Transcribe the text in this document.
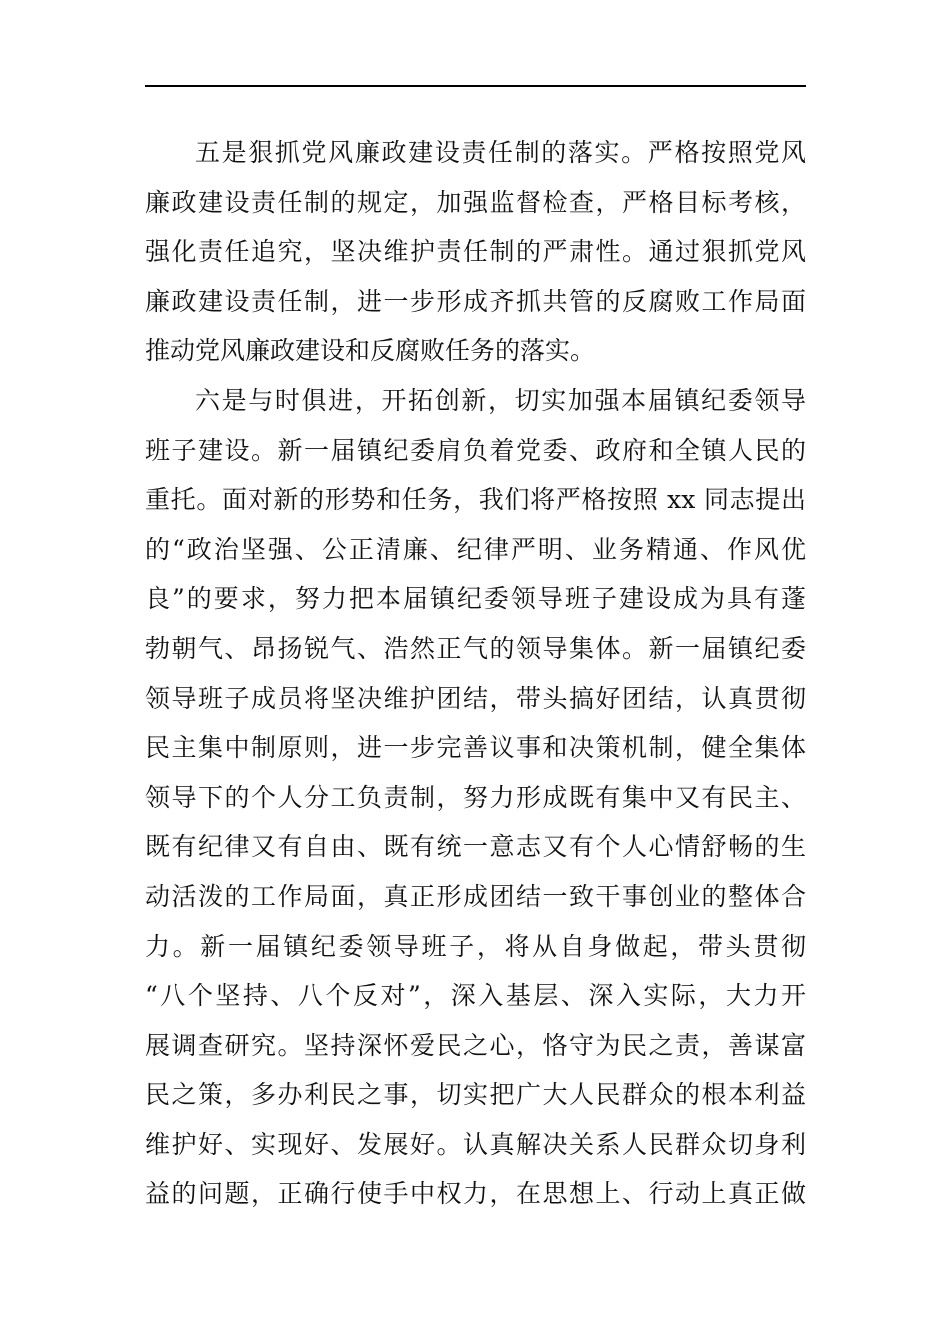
五是狠抓党风廉政建设责任制的落实。严格按照党风
廉政建设责任制的规定，加强监督检查，严格目标考核，
强化责任追究，坚决维护责任制的严肃性。通过狠抓党风
廉政建设责任制，进一步形成齐抓共管的反腐败工作局面
推动党风廉政建设和反腐败任务的落实。
六是与时俱进，开拓创新，切实加强本届镇纪委领导
班子建设。新一届镇纪委肩负着党委、政府和全镇人民的
重托。面对新的形势和任务，我们将严格按照 xx 同志提出
的“政治坚强、公正清廉、纪律严明、业务精通、作风优
良”的要求，努力把本届镇纪委领导班子建设成为具有蓬
勃朝气、昂扬锐气、浩然正气的领导集体。新一届镇纪委
领导班子成员将坚决维护团结，带头搞好团结，认真贯彻
民主集中制原则，进一步完善议事和决策机制，健全集体
领导下的个人分工负责制，努力形成既有集中又有民主、
既有纪律又有自由、既有统一意志又有个人心情舒畅的生
动活泼的工作局面，真正形成团结一致干事创业的整体合
力。新一届镇纪委领导班子，将从自身做起，带头贯彻
“八个坚持、八个反对”，深入基层、深入实际，大力开
展调查研究。坚持深怀爱民之心，恪守为民之责，善谋富
民之策，多办利民之事，切实把广大人民群众的根本利益
维护好、实现好、发展好。认真解决关系人民群众切身利
益的问题，正确行使手中权力，在思想上、行动上真正做
